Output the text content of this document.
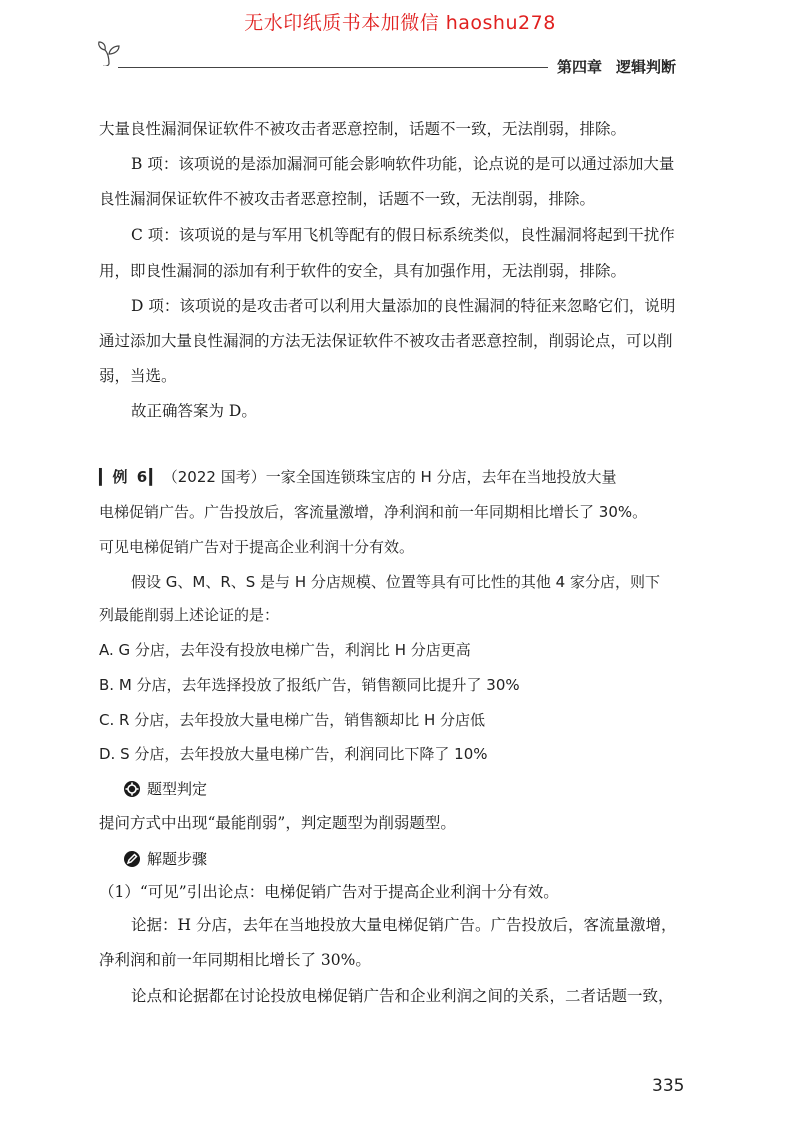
无水印纸质书本加微信 haoshu278
第四章 逻辑判断
大量良性漏洞保证软件不被攻击者恶意控制，话题不一致，无法削弱，排除。
B 项：该项说的是添加漏洞可能会影响软件功能，论点说的是可以通过添加大量
良性漏洞保证软件不被攻击者恶意控制，话题不一致，无法削弱，排除。
C 项：该项说的是与军用飞机等配有的假日标系统类似，良性漏洞将起到干扰作
用，即良性漏洞的添加有利于软件的安全，具有加强作用，无法削弱，排除。
D 项：该项说的是攻击者可以利用大量添加的良性漏洞的特征来忽略它们，说明
通过添加大量良性漏洞的方法无法保证软件不被攻击者恶意控制，削弱论点，可以削
弱，当选。
故正确答案为 D。
▎例 6▎（2022 国考）一家全国连锁珠宝店的 H 分店，去年在当地投放大量
电梯促销广告。广告投放后，客流量激增，净利润和前一年同期相比增长了 30%。
可见电梯促销广告对于提高企业利润十分有效。
假设 G、M、R、S 是与 H 分店规模、位置等具有可比性的其他 4 家分店，则下
列最能削弱上述论证的是：
A. G 分店，去年没有投放电梯广告，利润比 H 分店更高
B. M 分店，去年选择投放了报纸广告，销售额同比提升了 30%
C. R 分店，去年投放大量电梯广告，销售额却比 H 分店低
D. S 分店，去年投放大量电梯广告，利润同比下降了 10%
题型判定
提问方式中出现“最能削弱”，判定题型为削弱题型。
解题步骤
（1）“可见”引出论点：电梯促销广告对于提高企业利润十分有效。
论据：H 分店，去年在当地投放大量电梯促销广告。广告投放后，客流量激增，
净利润和前一年同期相比增长了 30%。
论点和论据都在讨论投放电梯促销广告和企业利润之间的关系，二者话题一致，
335
